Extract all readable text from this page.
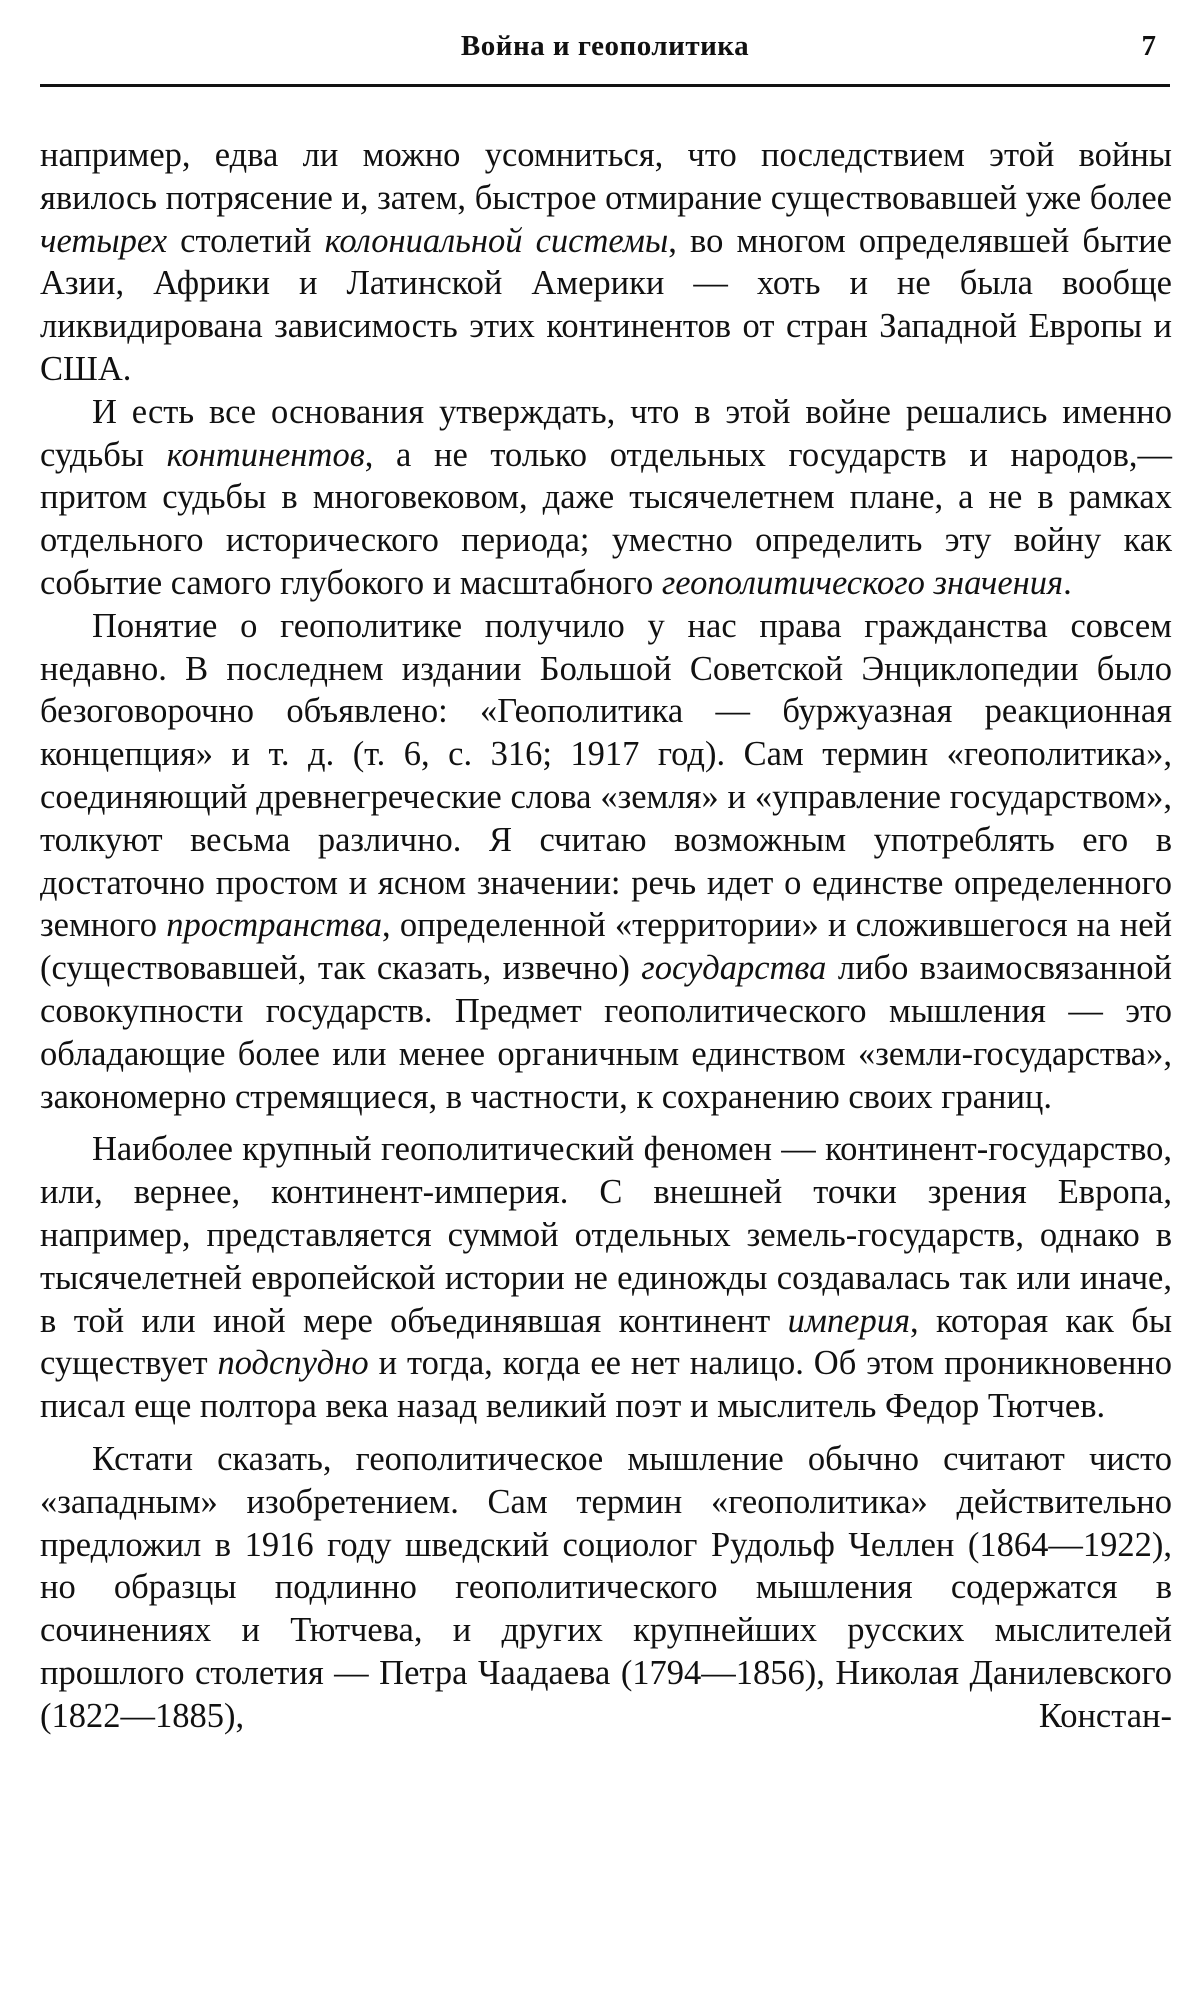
Война и геополитика	7

например, едва ли можно усомниться, что последствием этой войны явилось потрясение и, затем, быстрое отмирание существовавшей уже более четырех столетий колониальной системы, во многом определявшей бытие Азии, Африки и Латинской Америки — хоть и не была вообще ликвидирована зависимость этих континентов от стран Западной Европы и США.

И есть все основания утверждать, что в этой войне решались именно судьбы континентов, а не только отдельных государств и народов,— притом судьбы в многовековом, даже тысячелетнем плане, а не в рамках отдельного исторического периода; уместно определить эту войну как событие самого глубокого и масштабного геополитического значения.

Понятие о геополитике получило у нас права гражданства совсем недавно. В последнем издании Большой Советской Энциклопедии было безоговорочно объявлено: «Геополитика — буржуазная реакционная концепция» и т. д. (т. 6, с. 316; 1917 год). Сам термин «геополитика», соединяющий древнегреческие слова «земля» и «управление государством», толкуют весьма различно. Я считаю возможным употреблять его в достаточно простом и ясном значении: речь идет о единстве определенного земного пространства, определенной «территории» и сложившегося на ней (существовавшей, так сказать, извечно) государства либо взаимосвязанной совокупности государств. Предмет геополитического мышления — это обладающие более или менее органичным единством «земли-государства», закономерно стремящиеся, в частности, к сохранению своих границ.

Наиболее крупный геополитический феномен — континент-государство, или, вернее, континент-империя. С внешней точки зрения Европа, например, представляется суммой отдельных земель-государств, однако в тысячелетней европейской истории не единожды создавалась так или иначе, в той или иной мере объединявшая континент империя, которая как бы существует подспудно и тогда, когда ее нет налицо. Об этом проникновенно писал еще полтора века назад великий поэт и мыслитель Федор Тютчев.

Кстати сказать, геополитическое мышление обычно считают чисто «западным» изобретением. Сам термин «геополитика» действительно предложил в 1916 году шведский социолог Рудольф Челлен (1864—1922), но образцы подлинно геополитического мышления содержатся в сочинениях и Тютчева, и других крупнейших русских мыслителей прошлого столетия — Петра Чаадаева (1794—1856), Николая Данилевского (1822—1885), Констан-
